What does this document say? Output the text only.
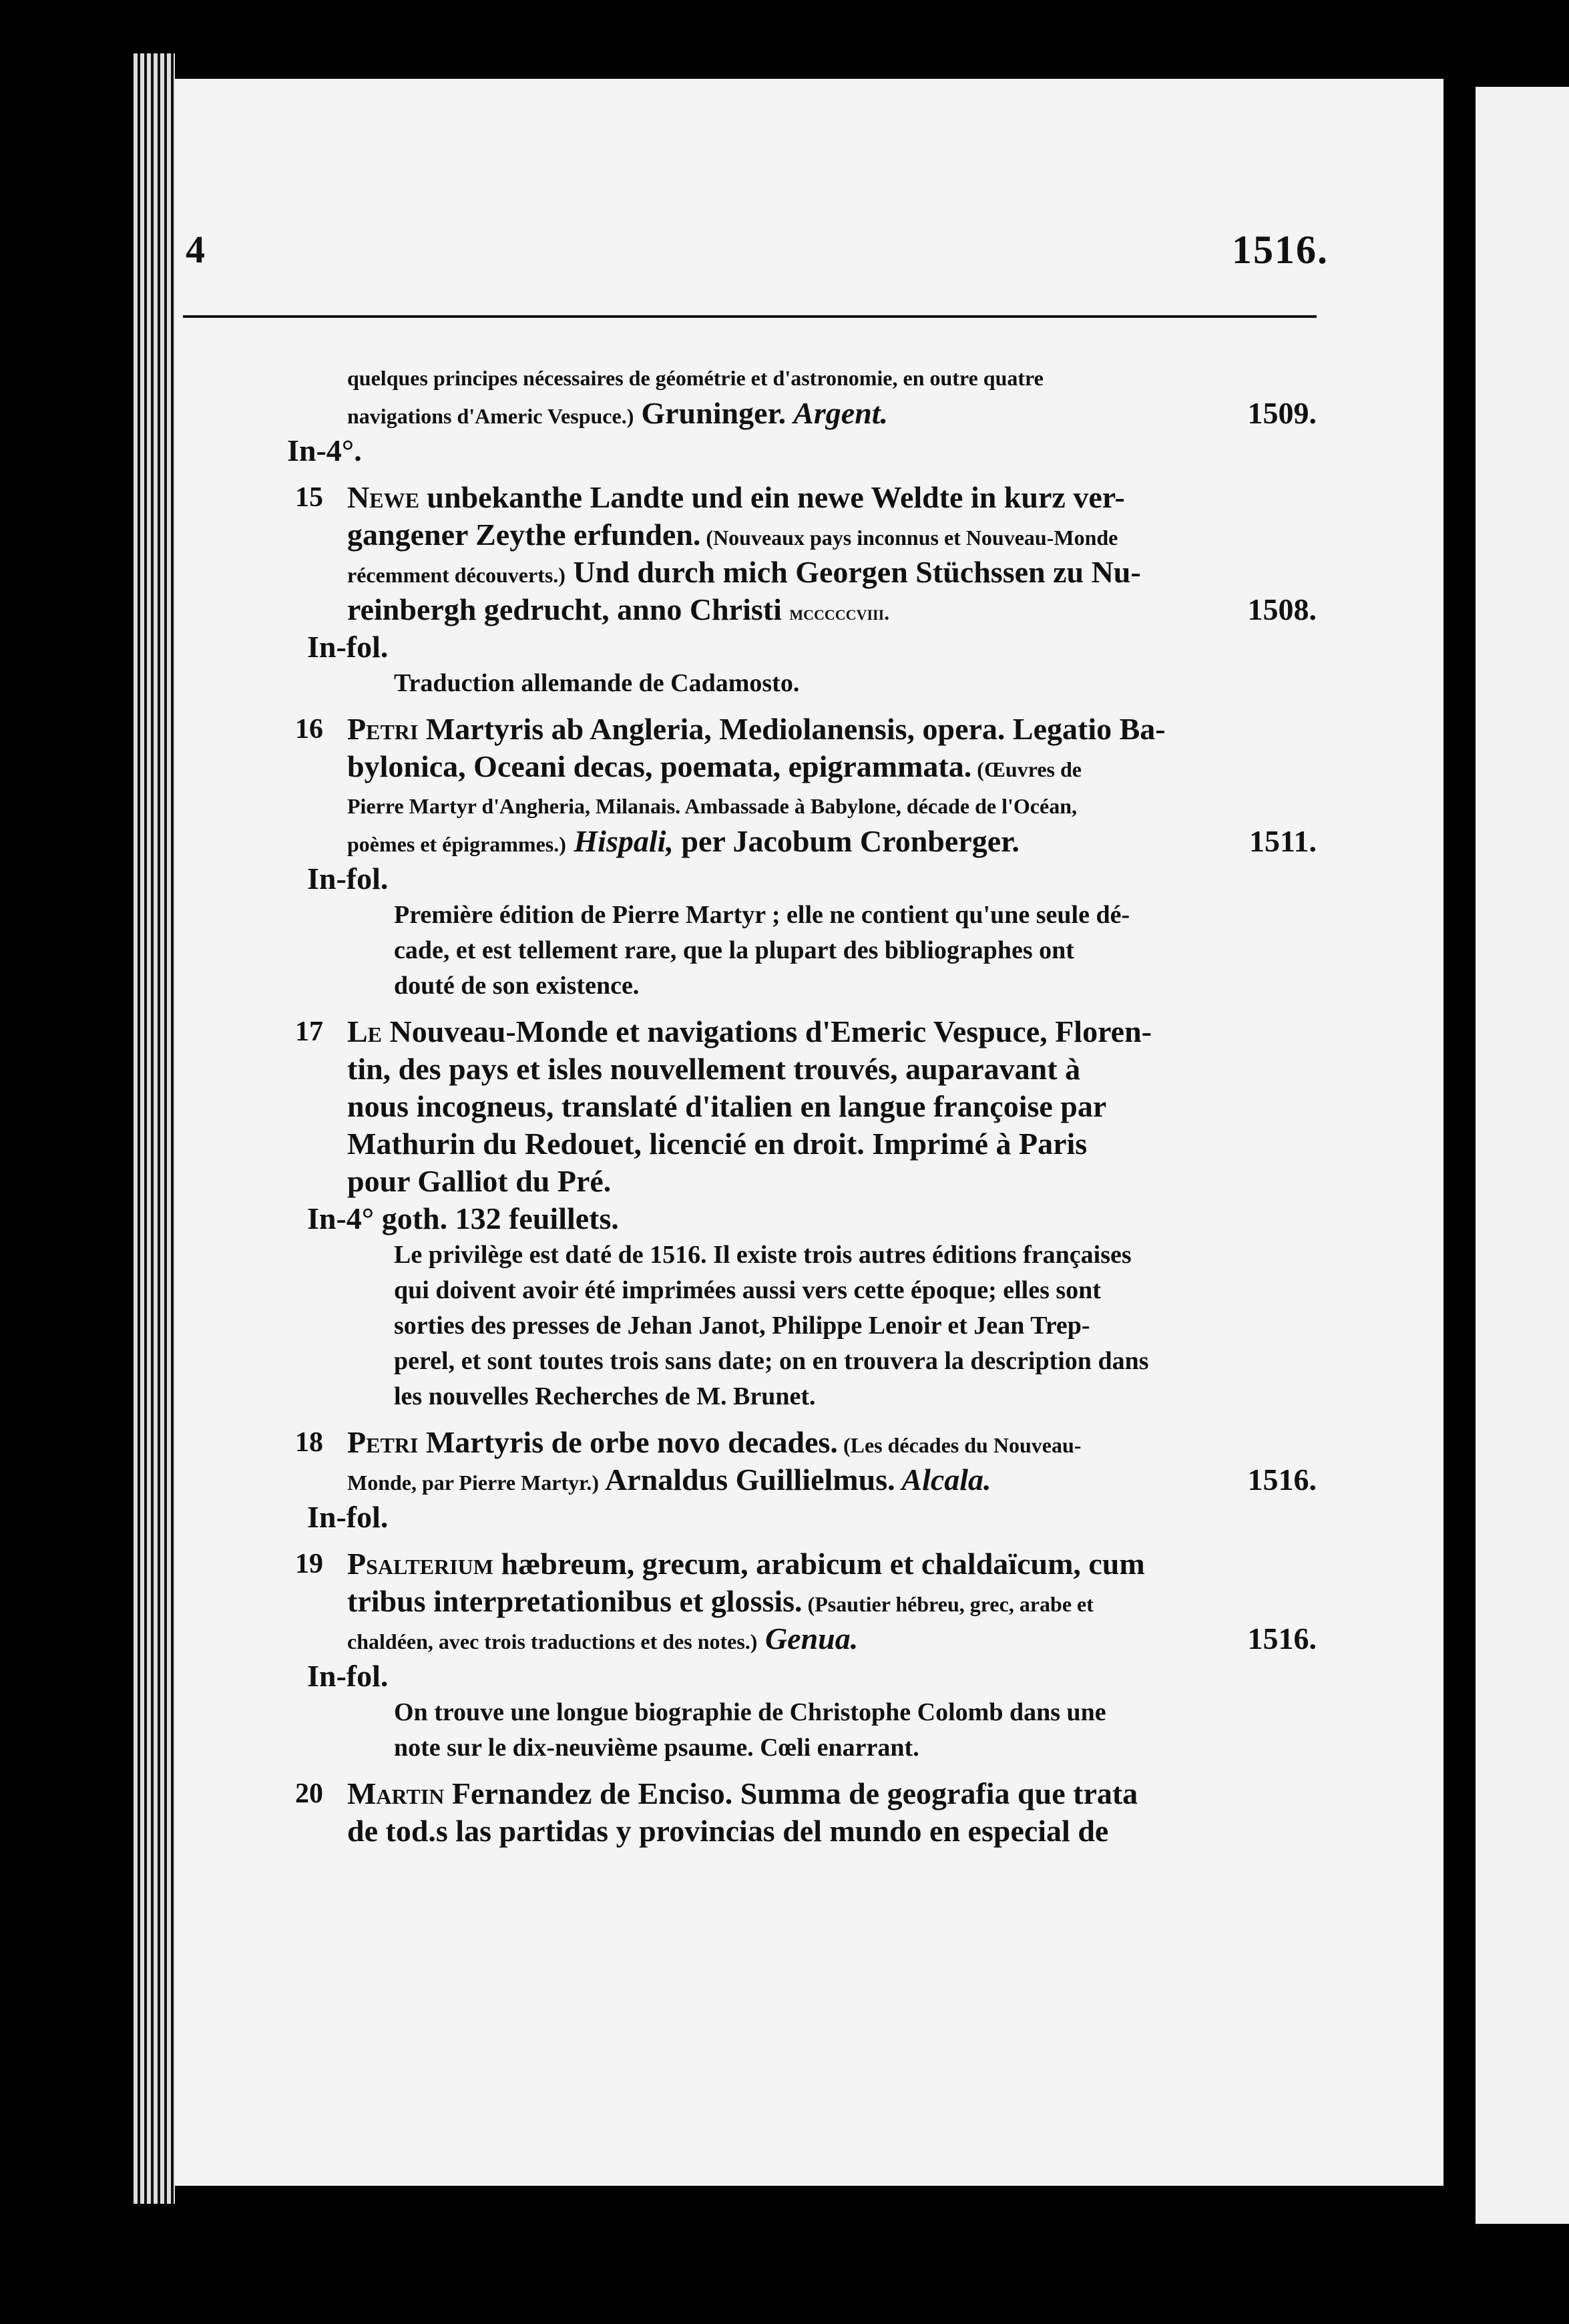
4	1516.
quelques principes nécessaires de géométrie et d'astronomie, en outre quatre
navigations d'Americ Vespuce.) Gruninger. Argent.	1509.
In-4°.
15 Newe unbekanthe Landte und ein newe Weldte in kurz ver-
gangener Zeythe erfunden. (Nouveaux pays inconnus et Nouveau-Monde
récemment découverts.) Und durch mich Georgen Stüchssen zu Nu-
reinbergh gedrucht, anno Christi mcccccviii.	1508.
In-fol.
Traduction allemande de Cadamosto.
16 Petri Martyris ab Angleria, Mediolanensis, opera. Legatio Ba-
bylonica, Oceani decas, poemata, epigrammata. (Œuvres de
Pierre Martyr d'Angheria, Milanais. Ambassade à Babylone, décade de l'Océan,
poèmes et épigrammes.) Hispali, per Jacobum Cronberger.	1511.
In-fol.
Première édition de Pierre Martyr ; elle ne contient qu'une seule dé-
cade, et est tellement rare, que la plupart des bibliographes ont
douté de son existence.
17 Le Nouveau-Monde et navigations d'Emeric Vespuce, Floren-
tin, des pays et isles nouvellement trouvés, auparavant à
nous incogneus, translaté d'italien en langue françoise par
Mathurin du Redouet, licencié en droit. Imprimé à Paris
pour Galliot du Pré.
In-4° goth. 132 feuillets.
Le privilège est daté de 1516. Il existe trois autres éditions françaises
qui doivent avoir été imprimées aussi vers cette époque; elles sont
sorties des presses de Jehan Janot, Philippe Lenoir et Jean Trep-
perel, et sont toutes trois sans date; on en trouvera la description dans
les nouvelles Recherches de M. Brunet.
18 Petri Martyris de orbe novo decades. (Les décades du Nouveau-
Monde, par Pierre Martyr.) Arnaldus Guillielmus. Alcala.	1516.
In-fol.
19 Psalterium hæbreum, grecum, arabicum et chaldaïcum, cum
tribus interpretationibus et glossis. (Psautier hébreu, grec, arabe et
chaldéen, avec trois traductions et des notes.) Genua.	1516.
In-fol.
On trouve une longue biographie de Christophe Colomb dans une
note sur le dix-neuvième psaume. Cœli enarrant.
20 Martin Fernandez de Enciso. Summa de geografia que trata
de tod.s las partidas y provincias del mundo en especial de
